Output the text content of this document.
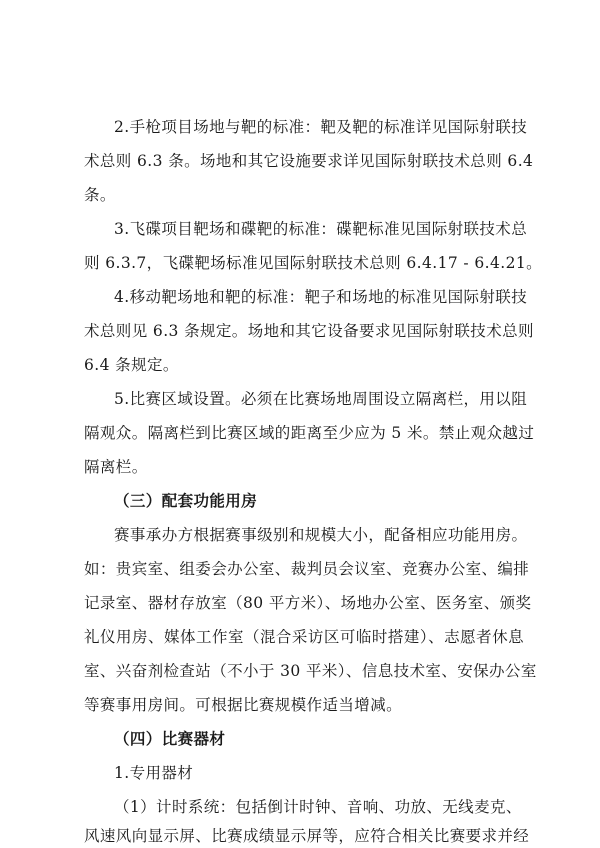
2.手枪项目场地与靶的标准：靶及靶的标准详见国际射联技
术总则 6.3 条。场地和其它设施要求详见国际射联技术总则 6.4
条。
3.飞碟项目靶场和碟靶的标准：碟靶标准见国际射联技术总
则 6.3.7，飞碟靶场标准见国际射联技术总则 6.4.17 - 6.4.21。
4.移动靶场地和靶的标准：靶子和场地的标准见国际射联技
术总则见 6.3 条规定。场地和其它设备要求见国际射联技术总则
6.4 条规定。
5.比赛区域设置。必须在比赛场地周围设立隔离栏，用以阻
隔观众。隔离栏到比赛区域的距离至少应为 5 米。禁止观众越过
隔离栏。
（三）配套功能用房
赛事承办方根据赛事级别和规模大小，配备相应功能用房。
如：贵宾室、组委会办公室、裁判员会议室、竞赛办公室、编排
记录室、器材存放室（80 平方米）、场地办公室、医务室、颁奖
礼仪用房、媒体工作室（混合采访区可临时搭建）、志愿者休息
室、兴奋剂检查站（不小于 30 平米）、信息技术室、安保办公室
等赛事用房间。可根据比赛规模作适当增减。
（四）比赛器材
1.专用器材
（1）计时系统：包括倒计时钟、音响、功放、无线麦克、
风速风向显示屏、比赛成绩显示屏等，应符合相关比赛要求并经
